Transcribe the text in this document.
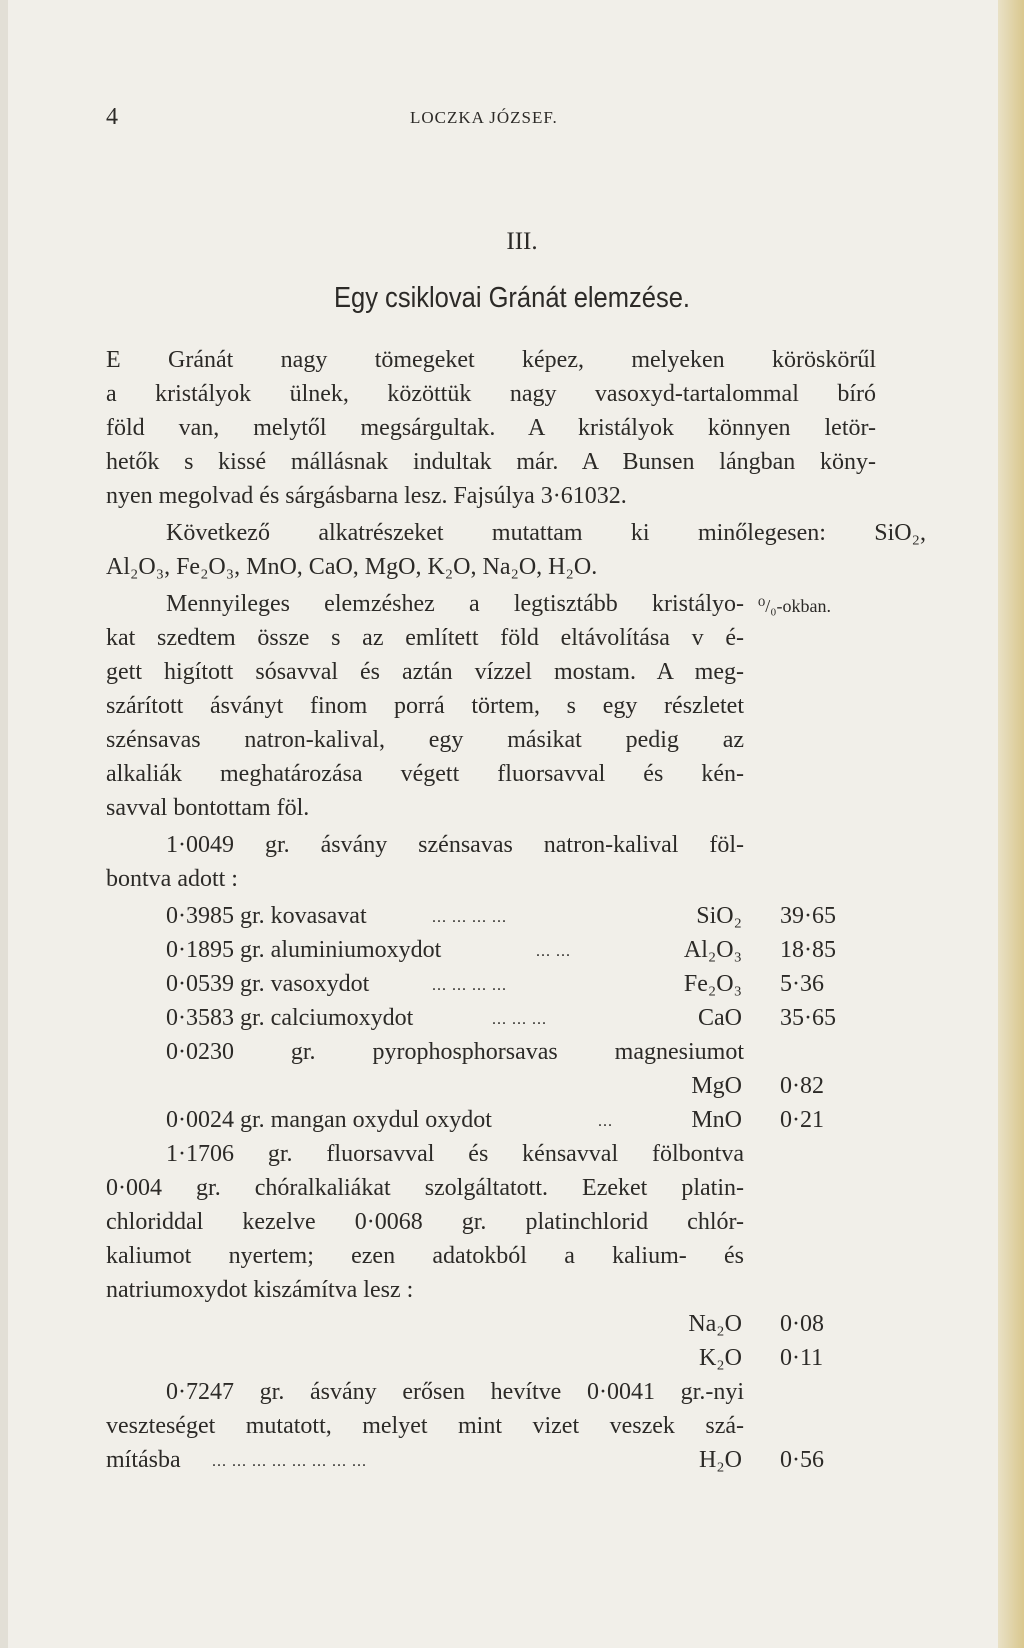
4	LOCZKA JÓZSEF.
III.
Egy csiklovai Gránát elemzése.
E Gránát nagy tömegeket képez, melyeken köröskörűl
a kristályok ülnek, közöttük nagy vasoxyd-tartalommal bíró
föld van, melytől megsárgultak. A kristályok könnyen letör-
hetők s kissé mállásnak indultak már. A Bunsen lángban köny-
nyen megolvad és sárgásbarna lesz. Fajsúlya 3·61032.
Következő alkatrészeket mutattam ki minőlegesen: SiO₂,
Al₂O₃, Fe₂O₃, MnO, CaO, MgO, K₂O, Na₂O, H₂O.
Mennyileges elemzéshez a legtisztább kristályo- ⁰/₀-okban.
kat szedtem össze s az említett föld eltávolítása v é-
gett higított sósavval és aztán vízzel mostam. A meg-
szárított ásványt finom porrá törtem, s egy részletet
szénsavas natron-kalival, egy másikat pedig az
alkaliák meghatározása végett fluorsavval és kén-
savval bontottam föl.
1·0049 gr. ásvány szénsavas natron-kalival föl-
bontva adott :
0·3985 gr. kovasavat	... ... ... ...	SiO₂ 39·65
0·1895 gr. aluminiumoxydot	... ...	Al₂O₃ 18·85
0·0539 gr. vasoxydot	... ... ... ...	Fe₂O₃ 5·36
0·3583 gr. calciumoxydot	... ... ...	CaO 35·65
0·0230 gr. pyrophosphorsavas magnesiumot
MgO 0·82
0·0024 gr. mangan oxydul oxydot	...	MnO 0·21
1·1706 gr. fluorsavval és kénsavval fölbontva
0·004 gr. chóralkaliákat szolgáltatott. Ezeket platin-
chloriddal kezelve 0·0068 gr. platinchlorid chlór-
kaliumot nyertem; ezen adatokból a kalium- és
natriumoxydot kiszámítva lesz :
Na₂O 0·08
K₂O 0·11
0·7247 gr. ásvány erősen hevítve 0·0041 gr.-nyi
veszteséget mutatott, melyet mint vizet veszek szá-
mításba ... ... ... ... ... ... ... ...	H₂O 0·56
